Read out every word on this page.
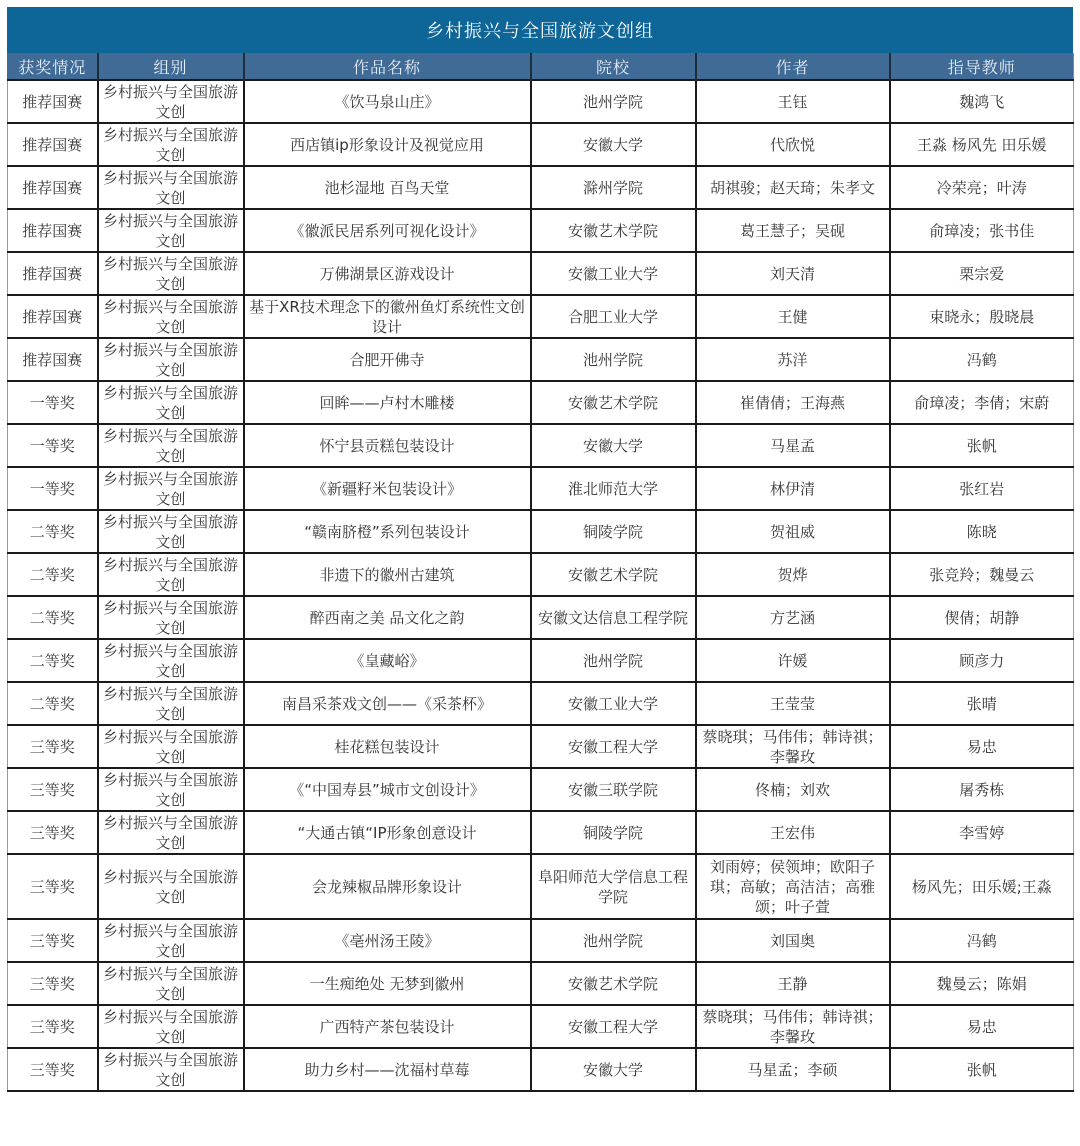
乡村振兴与全国旅游文创组
获奖情况	组别	作品名称	院校	作者	指导教师
推荐国赛	乡村振兴与全国旅游文创	《饮马泉山庄》	池州学院	王钰	魏鸿飞
推荐国赛	乡村振兴与全国旅游文创	西店镇ip形象设计及视觉应用	安徽大学	代欣悦	王淼 杨风先 田乐媛
推荐国赛	乡村振兴与全国旅游文创	池杉湿地 百鸟天堂	滁州学院	胡祺骏；赵天琦；朱孝文	冷荣亮；叶涛
推荐国赛	乡村振兴与全国旅游文创	《徽派民居系列可视化设计》	安徽艺术学院	葛王慧子；吴砚	俞璋凌；张书佳
推荐国赛	乡村振兴与全国旅游文创	万佛湖景区游戏设计	安徽工业大学	刘天清	栗宗爱
推荐国赛	乡村振兴与全国旅游文创	基于XR技术理念下的徽州鱼灯系统性文创设计	合肥工业大学	王健	束晓永；殷晓晨
推荐国赛	乡村振兴与全国旅游文创	合肥开佛寺	池州学院	苏洋	冯鹤
一等奖	乡村振兴与全国旅游文创	回眸——卢村木雕楼	安徽艺术学院	崔倩倩；王海燕	俞璋凌；李倩；宋蔚
一等奖	乡村振兴与全国旅游文创	怀宁县贡糕包装设计	安徽大学	马星孟	张帆
一等奖	乡村振兴与全国旅游文创	《新疆籽米包装设计》	淮北师范大学	林伊清	张红岩
二等奖	乡村振兴与全国旅游文创	“赣南脐橙”系列包装设计	铜陵学院	贺祖威	陈晓
二等奖	乡村振兴与全国旅游文创	非遗下的徽州古建筑	安徽艺术学院	贺烨	张竞羚；魏曼云
二等奖	乡村振兴与全国旅游文创	醉西南之美 品文化之韵	安徽文达信息工程学院	方艺涵	偰倩；胡静
二等奖	乡村振兴与全国旅游文创	《皇藏峪》	池州学院	许媛	顾彦力
二等奖	乡村振兴与全国旅游文创	南昌采茶戏文创——《采茶杯》	安徽工业大学	王莹莹	张晴
三等奖	乡村振兴与全国旅游文创	桂花糕包装设计	安徽工程大学	蔡晓琪；马伟伟；韩诗祺；李馨玫	易忠
三等奖	乡村振兴与全国旅游文创	《“中国寿县”城市文创设计》	安徽三联学院	佟楠；刘欢	屠秀栋
三等奖	乡村振兴与全国旅游文创	“大通古镇“IP形象创意设计	铜陵学院	王宏伟	李雪婷
三等奖	乡村振兴与全国旅游文创	会龙辣椒品牌形象设计	阜阳师范大学信息工程学院	刘雨婷；侯领坤；欧阳子琪；高敏；高洁洁；高雅颂；叶子萱	杨风先；田乐媛;王淼
三等奖	乡村振兴与全国旅游文创	《亳州汤王陵》	池州学院	刘国奥	冯鹤
三等奖	乡村振兴与全国旅游文创	一生痴绝处 无梦到徽州	安徽艺术学院	王静	魏曼云；陈娟
三等奖	乡村振兴与全国旅游文创	广西特产茶包装设计	安徽工程大学	蔡晓琪；马伟伟；韩诗祺；李馨玫	易忠
三等奖	乡村振兴与全国旅游文创	助力乡村——沈福村草莓	安徽大学	马星孟；李硕	张帆
